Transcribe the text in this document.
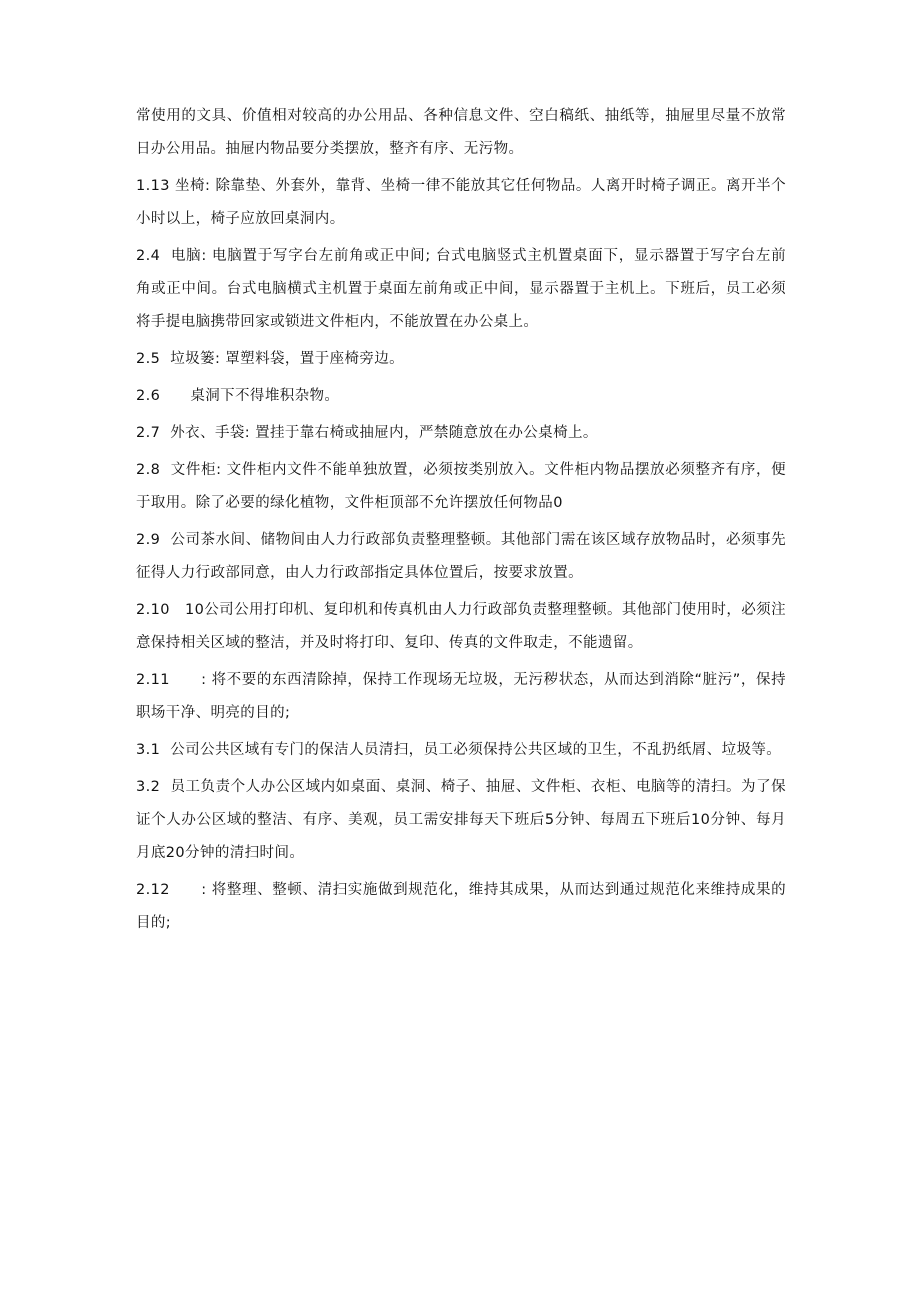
常使用的文具、价值相对较高的办公用品、各种信息文件、空白稿纸、抽纸等，抽屉里尽量不放常日办公用品。抽屉内物品要分类摆放，整齐有序、无污物。

1.13 坐椅: 除靠垫、外套外，靠背、坐椅一律不能放其它任何物品。人离开时椅子调正。离开半个小时以上，椅子应放回桌洞内。

2.4  电脑: 电脑置于写字台左前角或正中间; 台式电脑竖式主机置桌面下，显示器置于写字台左前角或正中间。台式电脑横式主机置于桌面左前角或正中间，显示器置于主机上。下班后，员工必须将手提电脑携带回家或锁进文件柜内，不能放置在办公桌上。

2.5  垃圾篓: 罩塑料袋，置于座椅旁边。

2.6      桌洞下不得堆积杂物。

2.7  外衣、手袋: 置挂于靠右椅或抽屉内，严禁随意放在办公桌椅上。

2.8  文件柜: 文件柜内文件不能单独放置，必须按类别放入。文件柜内物品摆放必须整齐有序，便于取用。除了必要的绿化植物，文件柜顶部不允许摆放任何物品0

2.9  公司茶水间、储物间由人力行政部负责整理整顿。其他部门需在该区域存放物品时，必须事先征得人力行政部同意，由人力行政部指定具体位置后，按要求放置。

2.10   10公司公用打印机、复印机和传真机由人力行政部负责整理整顿。其他部门使用时，必须注意保持相关区域的整洁，并及时将打印、复印、传真的文件取走，不能遗留。

2.11      : 将不要的东西清除掉，保持工作现场无垃圾，无污秽状态，从而达到消除“脏污”，保持职场干净、明亮的目的;

3.1  公司公共区域有专门的保洁人员清扫，员工必须保持公共区域的卫生，不乱扔纸屑、垃圾等。

3.2  员工负责个人办公区域内如桌面、桌洞、椅子、抽屉、文件柜、衣柜、电脑等的清扫。为了保证个人办公区域的整洁、有序、美观，员工需安排每天下班后5分钟、每周五下班后10分钟、每月月底20分钟的清扫时间。

2.12      : 将整理、整顿、清扫实施做到规范化，维持其成果，从而达到通过规范化来维持成果的目的;
